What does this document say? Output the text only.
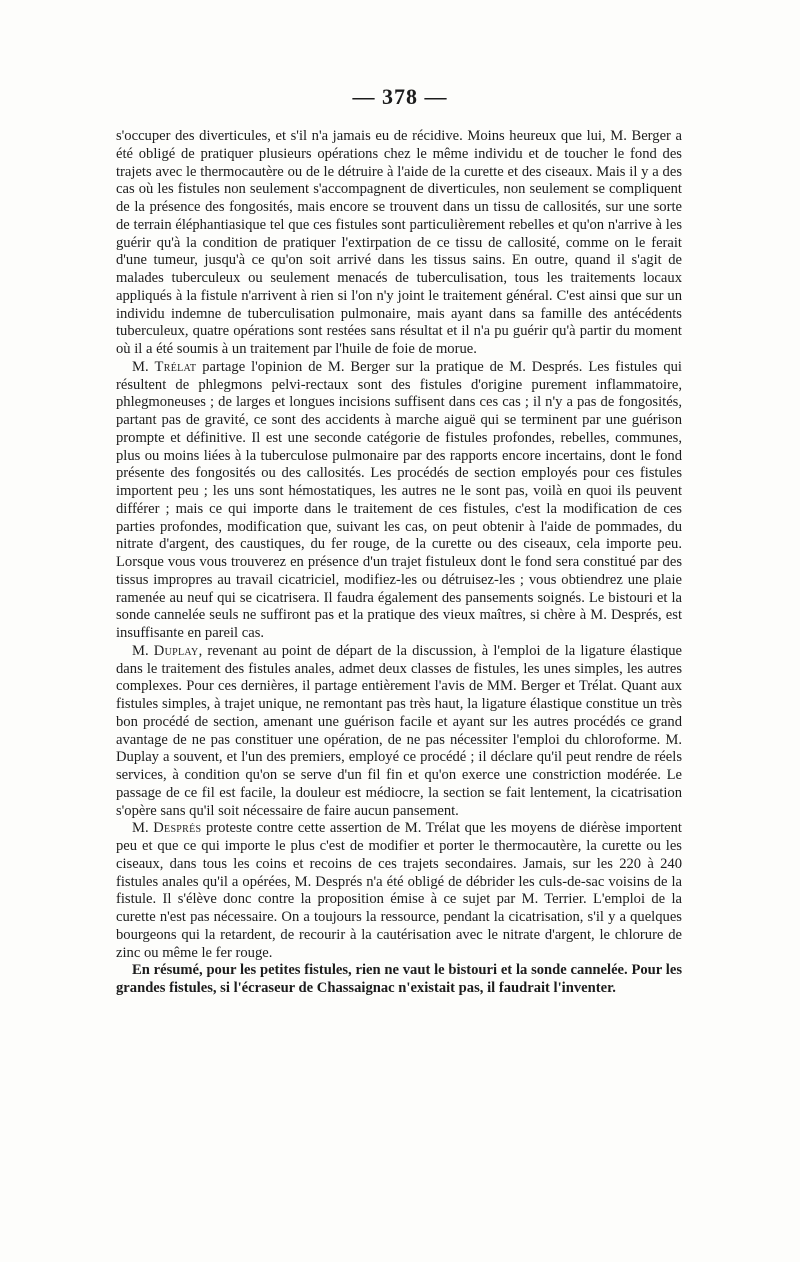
— 378 —

s'occuper des diverticules, et s'il n'a jamais eu de récidive. Moins heureux que lui, M. Berger a été obligé de pratiquer plusieurs opérations chez le même individu et de toucher le fond des trajets avec le thermocautère ou de le détruire à l'aide de la curette et des ciseaux. Mais il y a des cas où les fistules non seulement s'accompagnent de diverticules, non seulement se compliquent de la présence des fongosités, mais encore se trouvent dans un tissu de callosités, sur une sorte de terrain éléphantiasique tel que ces fistules sont particulièrement rebelles et qu'on n'arrive à les guérir qu'à la condition de pratiquer l'extirpation de ce tissu de callosité, comme on le ferait d'une tumeur, jusqu'à ce qu'on soit arrivé dans les tissus sains. En outre, quand il s'agit de malades tuberculeux ou seulement menacés de tuberculisation, tous les traitements locaux appliqués à la fistule n'arrivent à rien si l'on n'y joint le traitement général. C'est ainsi que sur un individu indemne de tuberculisation pulmonaire, mais ayant dans sa famille des antécédents tuberculeux, quatre opérations sont restées sans résultat et il n'a pu guérir qu'à partir du moment où il a été soumis à un traitement par l'huile de foie de morue.

M. Trélat partage l'opinion de M. Berger sur la pratique de M. Després. Les fistules qui résultent de phlegmons pelvi-rectaux sont des fistules d'origine purement inflammatoire, phlegmoneuses ; de larges et longues incisions suffisent dans ces cas ; il n'y a pas de fongosités, partant pas de gravité, ce sont des accidents à marche aiguë qui se terminent par une guérison prompte et définitive. Il est une seconde catégorie de fistules profondes, rebelles, communes, plus ou moins liées à la tuberculose pulmonaire par des rapports encore incertains, dont le fond présente des fongosités ou des callosités. Les procédés de section employés pour ces fistules importent peu ; les uns sont hémostatiques, les autres ne le sont pas, voilà en quoi ils peuvent différer ; mais ce qui importe dans le traitement de ces fistules, c'est la modification de ces parties profondes, modification que, suivant les cas, on peut obtenir à l'aide de pommades, du nitrate d'argent, des caustiques, du fer rouge, de la curette ou des ciseaux, cela importe peu. Lorsque vous vous trouverez en présence d'un trajet fistuleux dont le fond sera constitué par des tissus impropres au travail cicatriciel, modifiez-les ou détruisez-les ; vous obtiendrez une plaie ramenée au neuf qui se cicatrisera. Il faudra également des pansements soignés. Le bistouri et la sonde cannelée seuls ne suffiront pas et la pratique des vieux maîtres, si chère à M. Després, est insuffisante en pareil cas.

M. Duplay, revenant au point de départ de la discussion, à l'emploi de la ligature élastique dans le traitement des fistules anales, admet deux classes de fistules, les unes simples, les autres complexes. Pour ces dernières, il partage entièrement l'avis de MM. Berger et Trélat. Quant aux fistules simples, à trajet unique, ne remontant pas très haut, la ligature élastique constitue un très bon procédé de section, amenant une guérison facile et ayant sur les autres procédés ce grand avantage de ne pas constituer une opération, de ne pas nécessiter l'emploi du chloroforme. M. Duplay a souvent, et l'un des premiers, employé ce procédé ; il déclare qu'il peut rendre de réels services, à condition qu'on se serve d'un fil fin et qu'on exerce une constriction modérée. Le passage de ce fil est facile, la douleur est médiocre, la section se fait lentement, la cicatrisation s'opère sans qu'il soit nécessaire de faire aucun pansement.

M. Després proteste contre cette assertion de M. Trélat que les moyens de diérèse importent peu et que ce qui importe le plus c'est de modifier et porter le thermocautère, la curette ou les ciseaux, dans tous les coins et recoins de ces trajets secondaires. Jamais, sur les 220 à 240 fistules anales qu'il a opérées, M. Després n'a été obligé de débrider les culs-de-sac voisins de la fistule. Il s'élève donc contre la proposition émise à ce sujet par M. Terrier. L'emploi de la curette n'est pas nécessaire. On a toujours la ressource, pendant la cicatrisation, s'il y a quelques bourgeons qui la retardent, de recourir à la cautérisation avec le nitrate d'argent, le chlorure de zinc ou même le fer rouge.

En résumé, pour les petites fistules, rien ne vaut le bistouri et la sonde cannelée. Pour les grandes fistules, si l'écraseur de Chassaignac n'existait pas, il faudrait l'inventer.
